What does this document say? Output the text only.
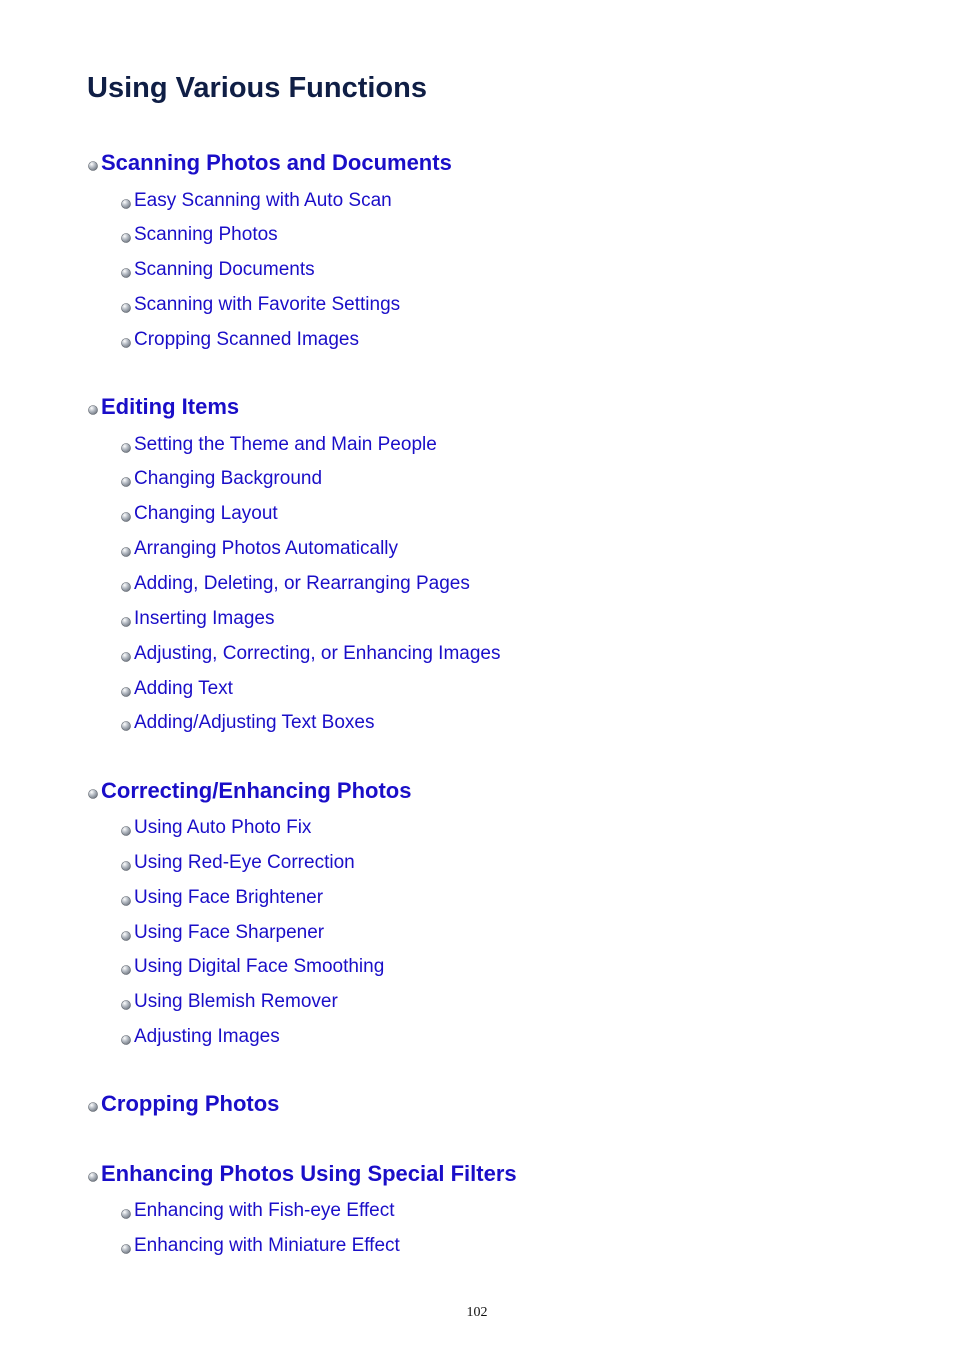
Using Various Functions
Scanning Photos and Documents
Easy Scanning with Auto Scan
Scanning Photos
Scanning Documents
Scanning with Favorite Settings
Cropping Scanned Images
Editing Items
Setting the Theme and Main People
Changing Background
Changing Layout
Arranging Photos Automatically
Adding, Deleting, or Rearranging Pages
Inserting Images
Adjusting, Correcting, or Enhancing Images
Adding Text
Adding/Adjusting Text Boxes
Correcting/Enhancing Photos
Using Auto Photo Fix
Using Red-Eye Correction
Using Face Brightener
Using Face Sharpener
Using Digital Face Smoothing
Using Blemish Remover
Adjusting Images
Cropping Photos
Enhancing Photos Using Special Filters
Enhancing with Fish-eye Effect
Enhancing with Miniature Effect
102
